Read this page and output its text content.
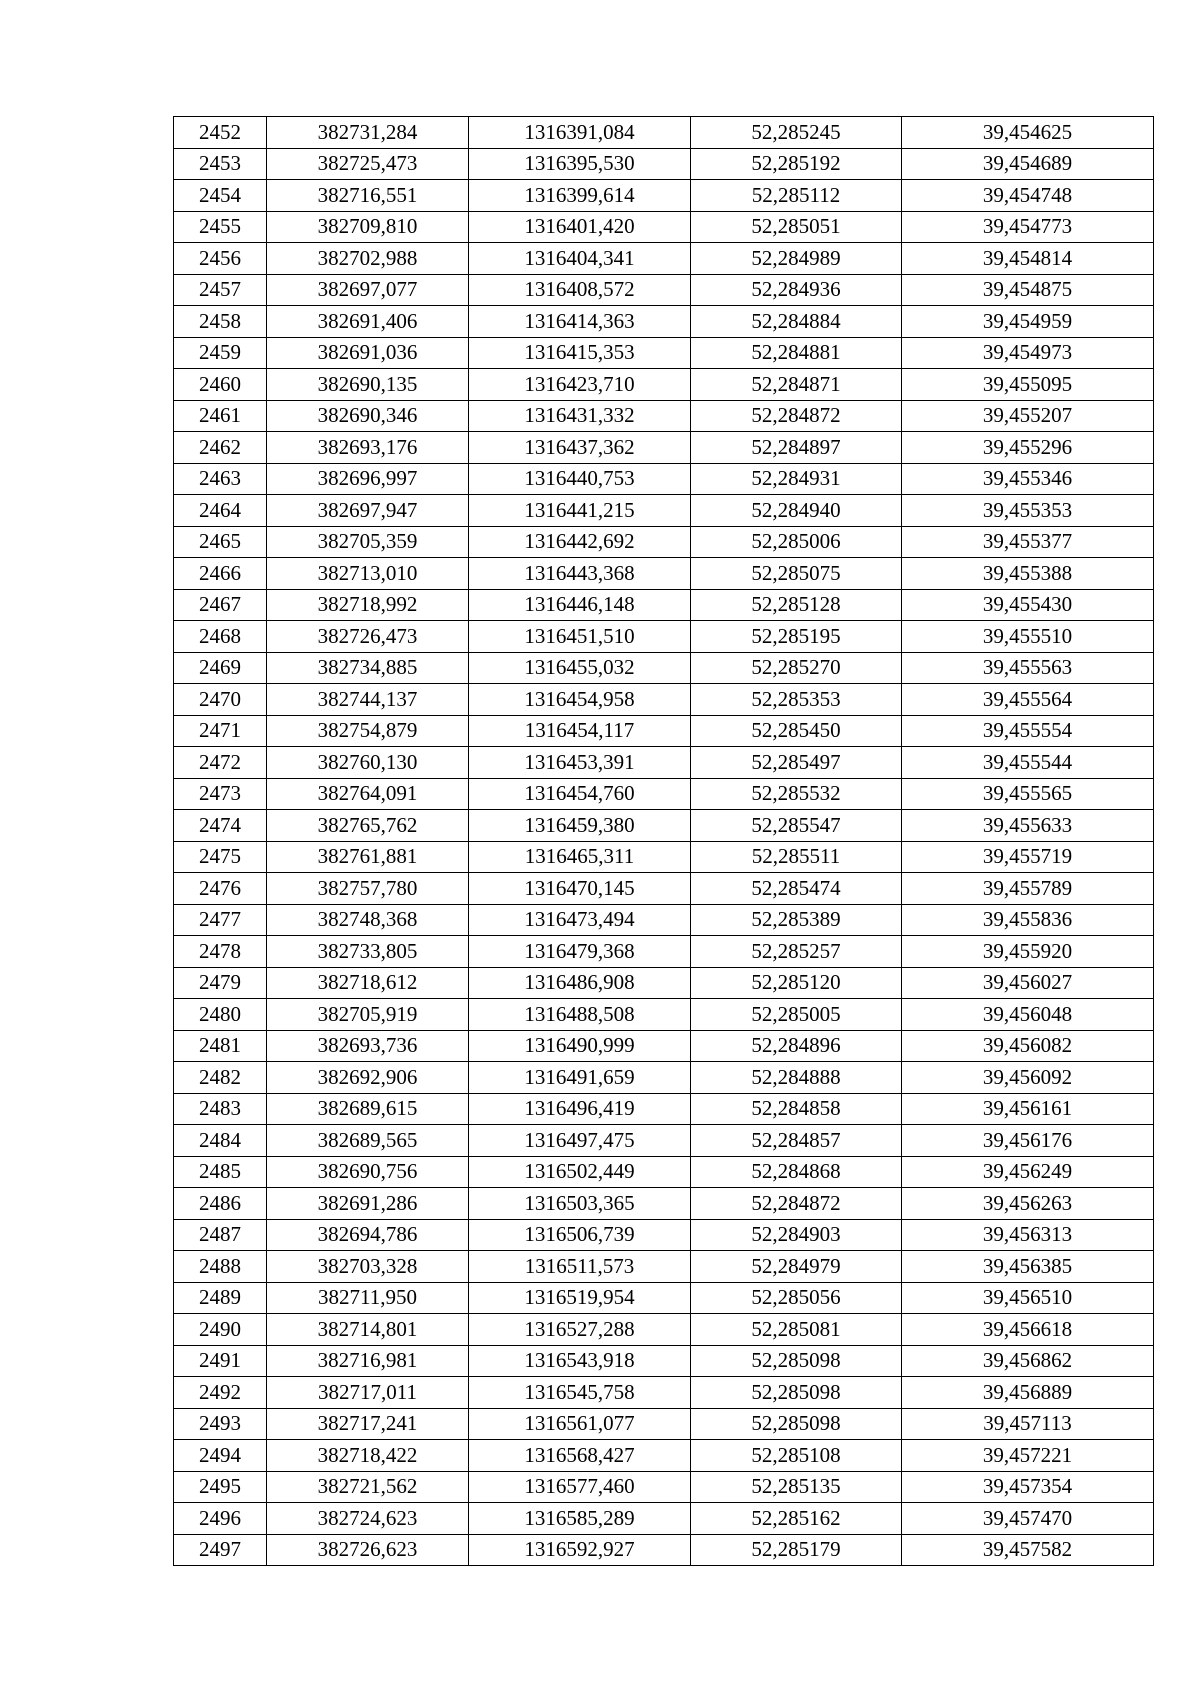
2452	382731,284	1316391,084	52,285245	39,454625
2453	382725,473	1316395,530	52,285192	39,454689
2454	382716,551	1316399,614	52,285112	39,454748
2455	382709,810	1316401,420	52,285051	39,454773
2456	382702,988	1316404,341	52,284989	39,454814
2457	382697,077	1316408,572	52,284936	39,454875
2458	382691,406	1316414,363	52,284884	39,454959
2459	382691,036	1316415,353	52,284881	39,454973
2460	382690,135	1316423,710	52,284871	39,455095
2461	382690,346	1316431,332	52,284872	39,455207
2462	382693,176	1316437,362	52,284897	39,455296
2463	382696,997	1316440,753	52,284931	39,455346
2464	382697,947	1316441,215	52,284940	39,455353
2465	382705,359	1316442,692	52,285006	39,455377
2466	382713,010	1316443,368	52,285075	39,455388
2467	382718,992	1316446,148	52,285128	39,455430
2468	382726,473	1316451,510	52,285195	39,455510
2469	382734,885	1316455,032	52,285270	39,455563
2470	382744,137	1316454,958	52,285353	39,455564
2471	382754,879	1316454,117	52,285450	39,455554
2472	382760,130	1316453,391	52,285497	39,455544
2473	382764,091	1316454,760	52,285532	39,455565
2474	382765,762	1316459,380	52,285547	39,455633
2475	382761,881	1316465,311	52,285511	39,455719
2476	382757,780	1316470,145	52,285474	39,455789
2477	382748,368	1316473,494	52,285389	39,455836
2478	382733,805	1316479,368	52,285257	39,455920
2479	382718,612	1316486,908	52,285120	39,456027
2480	382705,919	1316488,508	52,285005	39,456048
2481	382693,736	1316490,999	52,284896	39,456082
2482	382692,906	1316491,659	52,284888	39,456092
2483	382689,615	1316496,419	52,284858	39,456161
2484	382689,565	1316497,475	52,284857	39,456176
2485	382690,756	1316502,449	52,284868	39,456249
2486	382691,286	1316503,365	52,284872	39,456263
2487	382694,786	1316506,739	52,284903	39,456313
2488	382703,328	1316511,573	52,284979	39,456385
2489	382711,950	1316519,954	52,285056	39,456510
2490	382714,801	1316527,288	52,285081	39,456618
2491	382716,981	1316543,918	52,285098	39,456862
2492	382717,011	1316545,758	52,285098	39,456889
2493	382717,241	1316561,077	52,285098	39,457113
2494	382718,422	1316568,427	52,285108	39,457221
2495	382721,562	1316577,460	52,285135	39,457354
2496	382724,623	1316585,289	52,285162	39,457470
2497	382726,623	1316592,927	52,285179	39,457582
